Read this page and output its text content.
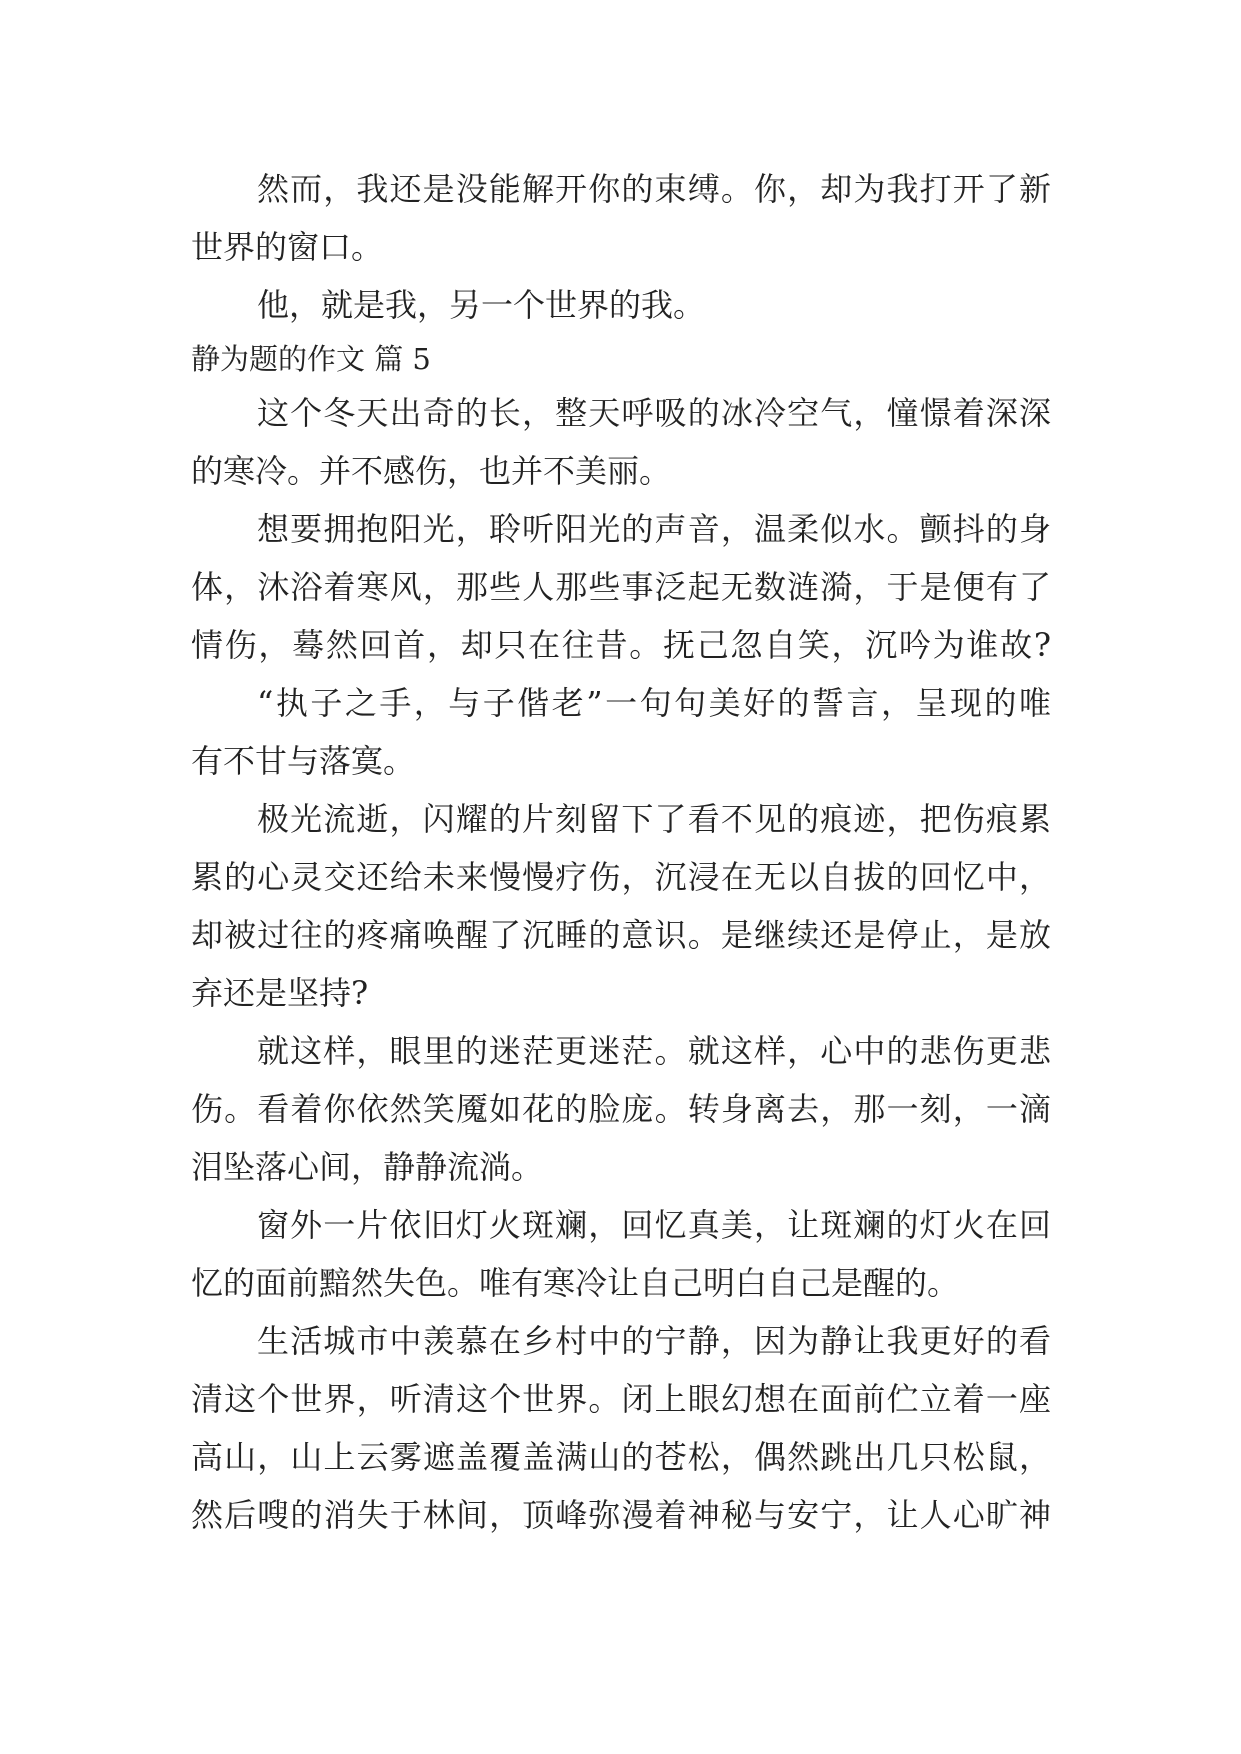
然而，我还是没能解开你的束缚。你，却为我打开了新
世界的窗口。
他，就是我，另一个世界的我。
静为题的作文 篇 5
这个冬天出奇的长，整天呼吸的冰冷空气，憧憬着深深
的寒冷。并不感伤，也并不美丽。
想要拥抱阳光，聆听阳光的声音，温柔似水。颤抖的身
体，沐浴着寒风，那些人那些事泛起无数涟漪，于是便有了
情伤，蓦然回首，却只在往昔。抚己忽自笑，沉吟为谁故?
“执子之手，与子偕老”一句句美好的誓言，呈现的唯
有不甘与落寞。
极光流逝，闪耀的片刻留下了看不见的痕迹，把伤痕累
累的心灵交还给未来慢慢疗伤，沉浸在无以自拔的回忆中，
却被过往的疼痛唤醒了沉睡的意识。是继续还是停止，是放
弃还是坚持?
就这样，眼里的迷茫更迷茫。就这样，心中的悲伤更悲
伤。看着你依然笑魇如花的脸庞。转身离去，那一刻，一滴
泪坠落心间，静静流淌。
窗外一片依旧灯火斑斓，回忆真美，让斑斓的灯火在回
忆的面前黯然失色。唯有寒冷让自己明白自己是醒的。
生活城市中羡慕在乡村中的宁静，因为静让我更好的看
清这个世界，听清这个世界。闭上眼幻想在面前伫立着一座
高山，山上云雾遮盖覆盖满山的苍松，偶然跳出几只松鼠，
然后嗖的消失于林间，顶峰弥漫着神秘与安宁，让人心旷神
